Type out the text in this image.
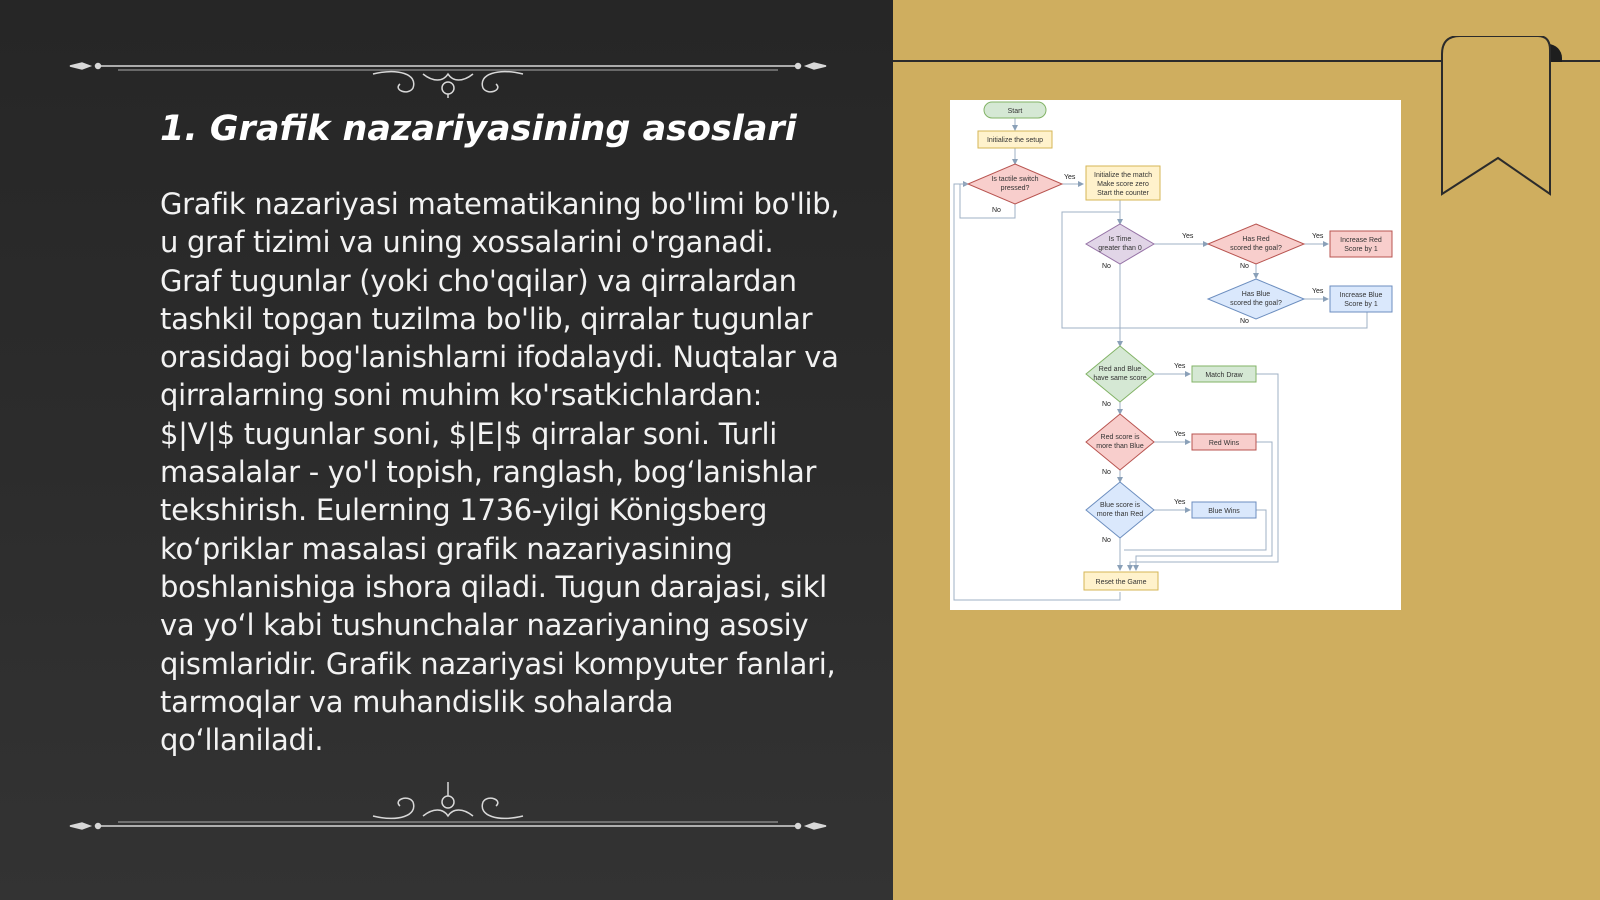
1. Grafik nazariyasining asoslari

Grafik nazariyasi matematikaning bo'limi bo'lib, u graf tizimi va uning xossalarini o'rganadi. Graf tugunlar (yoki cho'qqilar) va qirralardan tashkil topgan tuzilma bo'lib, qirralar tugunlar orasidagi bog'lanishlarni ifodalaydi. Nuqtalar va qirralarning soni muhim ko'rsatkichlardan: $|V|$ tugunlar soni, $|E|$ qirralar soni. Turli masalalar - yo'l topish, ranglash, bog‘lanishlar tekshirish. Eulerning 1736-yilgi Königsberg ko‘priklar masalasi grafik nazariyasining boshlanishiga ishora qiladi. Tugun darajasi, sikl va yo‘l kabi tushunchalar nazariyaning asosiy qismlaridir. Grafik nazariyasi kompyuter fanlari, tarmoqlar va muhandislik sohalarda qo‘llaniladi.

Start
Initialize the setup
Is tactile switch
pressed?
Initialize the match
Make score zero
Start the counter
Is Time
greater than 0
Has Red
scored the goal?
Increase Red
Score by 1
Has Blue
scored the goal?
Increase Blue
Score by 1
Red and Blue
have same score	Match Draw
Red score is
more than Blue	Red Wins
Blue score is
more than Red	Blue Wins
Reset the Game
Yes
No
Yes
No
Yes
No
Yes
No
Yes
No
Yes
No
Yes
No
